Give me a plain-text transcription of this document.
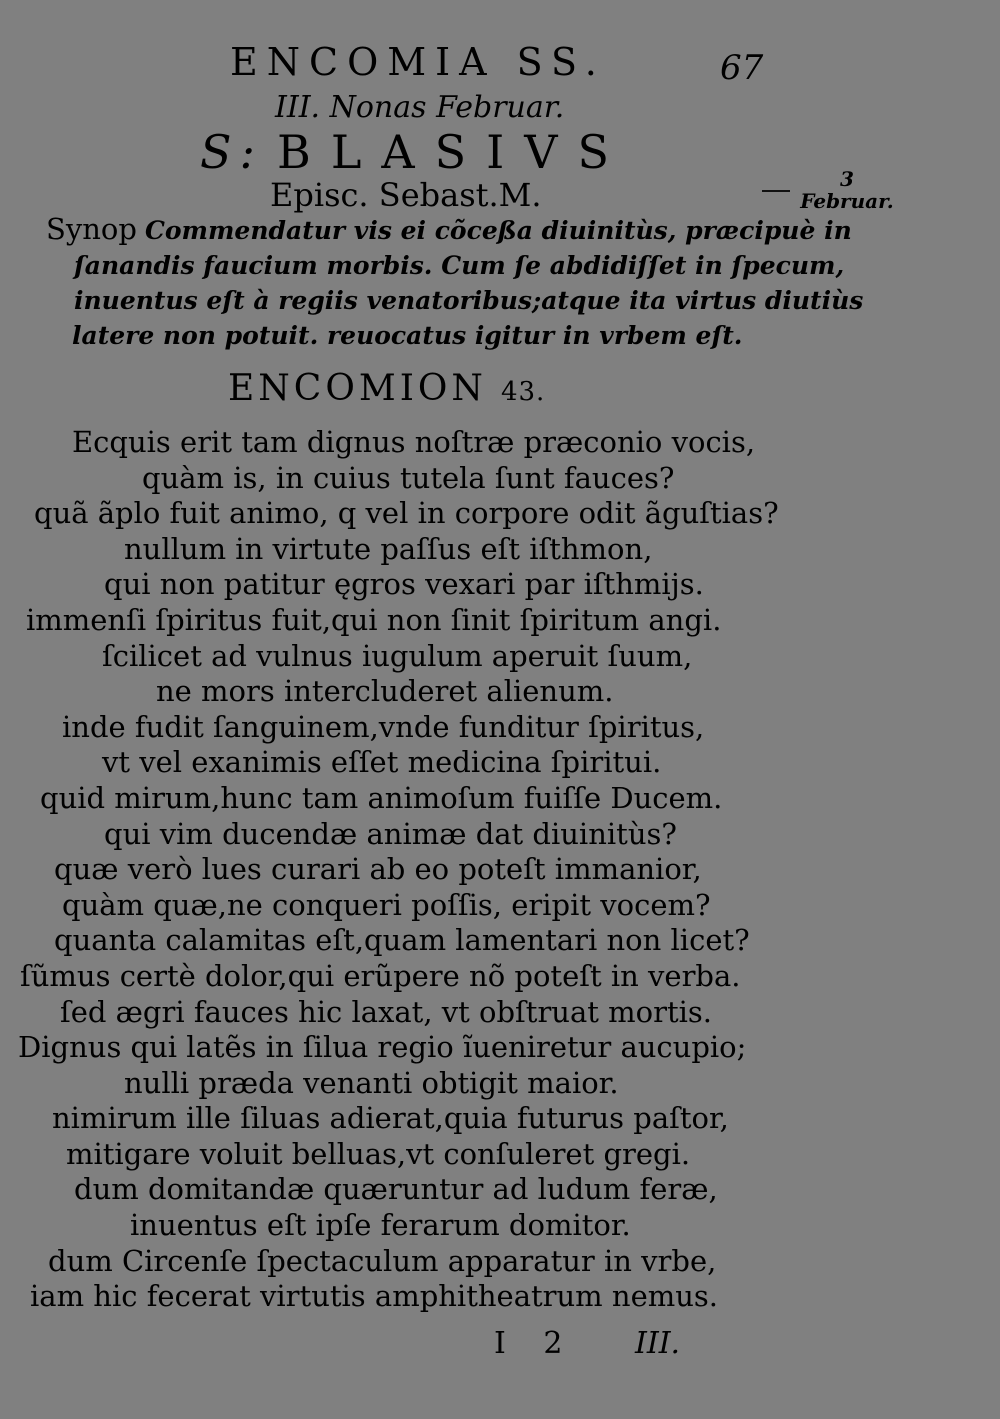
ENCOMIA SS.	67
III. Nonas Februar.
S: BLASIVS
Episc. Sebast.M.	3
Februar.
Synop Commendatur vis ei cõceßa diuinitùs, præcipuè in
ſanandis faucium morbis. Cum ſe abdidiſſet in ſpecum,
inuentus eſt à regiis venatoribus;atque ita virtus diutiùs
latere non potuit. reuocatus igitur in vrbem eſt.
ENCOMION 43.
Ecquis erit tam dignus noſtræ præconio vocis,
quàm is, in cuius tutela ſunt fauces?
quã ãplo fuit animo, q vel in corpore odit ãguſtias?
nullum in virtute paſſus eſt iſthmon,
qui non patitur ęgros vexari par iſthmijs.
immenſi ſpiritus fuit,qui non ſinit ſpiritum angi.
ſcilicet ad vulnus iugulum aperuit ſuum,
ne mors intercluderet alienum.
inde fudit ſanguinem,vnde funditur ſpiritus,
vt vel exanimis eſſet medicina ſpiritui.
quid mirum,hunc tam animoſum fuiſſe Ducem.
qui vim ducendæ animæ dat diuinitùs?
quæ verò lues curari ab eo poteſt immanior,
quàm quæ,ne conqueri poſſis, eripit vocem?
quanta calamitas eſt,quam lamentari non licet?
ſũmus certè dolor,qui erũpere nõ poteſt in verba.
ſed ægri fauces hic laxat, vt obſtruat mortis.
Dignus qui latẽs in ſilua regio ĩueniretur aucupio;
nulli præda venanti obtigit maior.
nimirum ille ſiluas adierat,quia futurus paſtor,
mitigare voluit belluas,vt conſuleret gregi.
dum domitandæ quæruntur ad ludum feræ,
inuentus eſt ipſe ferarum domitor.
dum Circenſe ſpectaculum apparatur in vrbe,
iam hic fecerat virtutis amphitheatrum nemus.
I 2 III.
